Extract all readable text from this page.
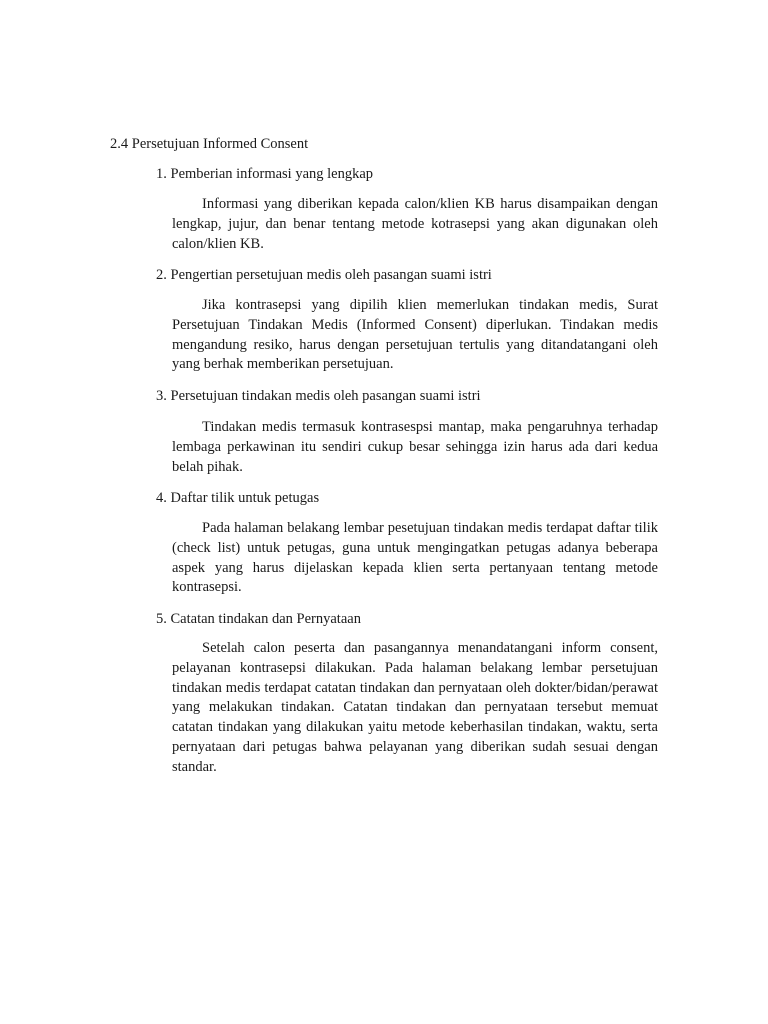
2.4 Persetujuan Informed Consent
1. Pemberian informasi yang lengkap

Informasi yang diberikan kepada calon/klien KB harus disampaikan dengan lengkap, jujur, dan benar tentang metode kotrasepsi yang akan digunakan oleh calon/klien KB.

2. Pengertian persetujuan medis oleh pasangan suami istri

Jika kontrasepsi yang dipilih klien memerlukan tindakan medis, Surat Persetujuan Tindakan Medis (Informed Consent) diperlukan. Tindakan medis mengandung resiko, harus dengan persetujuan tertulis yang ditandatangani oleh yang berhak memberikan persetujuan.

3. Persetujuan tindakan medis oleh pasangan suami istri

Tindakan medis termasuk kontrasespsi mantap, maka pengaruhnya terhadap lembaga perkawinan itu sendiri cukup besar sehingga izin harus ada dari kedua belah pihak.

4. Daftar tilik untuk petugas

Pada halaman belakang lembar pesetujuan tindakan medis terdapat daftar tilik (check list) untuk petugas, guna untuk mengingatkan petugas adanya beberapa aspek yang harus dijelaskan kepada klien serta pertanyaan tentang metode kontrasepsi.

5. Catatan tindakan dan Pernyataan

Setelah calon peserta dan pasangannya menandatangani inform consent, pelayanan kontrasepsi dilakukan. Pada halaman belakang lembar persetujuan tindakan medis terdapat catatan tindakan dan pernyataan oleh dokter/bidan/perawat yang melakukan tindakan. Catatan tindakan dan pernyataan tersebut memuat catatan tindakan yang dilakukan yaitu metode keberhasilan tindakan, waktu, serta pernyataan dari petugas bahwa pelayanan yang diberikan sudah sesuai dengan standar.
